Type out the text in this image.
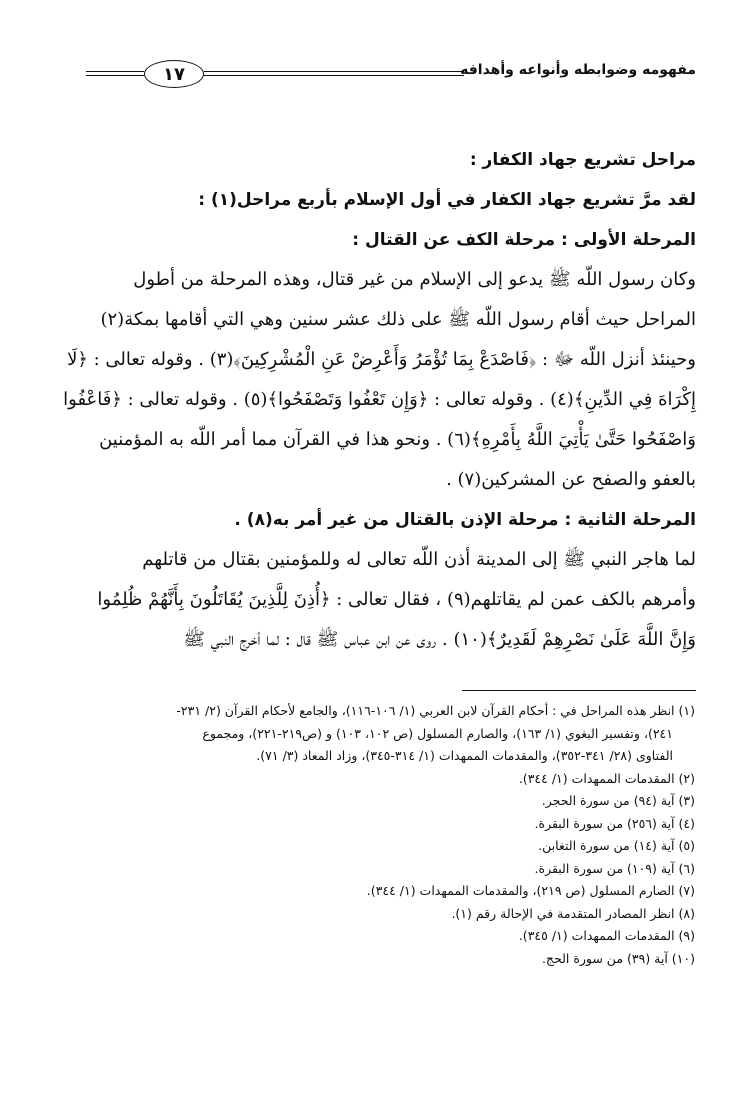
١٧	مفهومه وضوابطه وأنواعه وأهدافه
مراحل تشريع جهاد الكفار :
لقد مرَّ تشريع جهاد الكفار في أول الإسلام بأربع مراحل(١) :
المرحلة الأولى : مرحلة الكف عن القتال :
وكان رسول اللّه ﷺ يدعو إلى الإسلام من غير قتال، وهذه المرحلة من أطول
المراحل حيث أقام رسول اللّه ﷺ على ذلك عشر سنين وهي التي أقامها بمكة(٢)
وحينئذ أنزل اللّه ﷻ : ﴿فَاصْدَعْ بِمَا تُؤْمَرُ وَأَعْرِضْ عَنِ الْمُشْرِكِينَ﴾(٣) . وقوله تعالى : ﴿لَا
إِكْرَاهَ فِي الدِّينِ﴾(٤) . وقوله تعالى : ﴿وَإِن تَعْفُوا وَتَصْفَحُوا﴾(٥) . وقوله تعالى : ﴿فَاعْفُوا
وَاصْفَحُوا حَتَّىٰ يَأْتِيَ اللَّهُ بِأَمْرِهِ﴾(٦) . ونحو هذا في القرآن مما أمر اللّه به المؤمنين
بالعفو والصفح عن المشركين(٧) .
المرحلة الثانية : مرحلة الإذن بالقتال من غير أمر به(٨) .
لما هاجر النبي ﷺ إلى المدينة أذن اللّه تعالى له وللمؤمنين بقتال من قاتلهم
وأمرهم بالكف عمن لم يقاتلهم(٩) ، فقال تعالى : ﴿أُذِنَ لِلَّذِينَ يُقَاتَلُونَ بِأَنَّهُمْ ظُلِمُوا
وَإِنَّ اللَّهَ عَلَىٰ نَصْرِهِمْ لَقَدِيرٌ﴾(١٠) . روى عن ابن عباس ﷺ قال : لما أخرج النبي ﷺ
(١) انظر هذه المراحل في : أحكام القرآن لابن العربي (١/ ١٠٦-١١٦)، والجامع لأحكام القرآن (٢/ ٢٣١-
٢٤١)، وتفسير البغوي (١/ ١٦٣)، والصارم المسلول (ص ١٠٢، ١٠٣) و (ص٢١٩-٢٢١)، ومجموع
الفتاوى (٢٨/ ٣٤١-٣٥٢)، والمقدمات الممهدات (١/ ٣١٤-٣٤٥)، وزاد المعاد (٣/ ٧١).
(٢) المقدمات الممهدات (١/ ٣٤٤).
(٣) آية (٩٤) من سورة الحجر.
(٤) آية (٢٥٦) من سورة البقرة.
(٥) آية (١٤) من سورة التغابن.
(٦) آية (١٠٩) من سورة البقرة.
(٧) الصارم المسلول (ص ٢١٩)، والمقدمات الممهدات (١/ ٣٤٤).
(٨) انظر المصادر المتقدمة في الإحالة رقم (١).
(٩) المقدمات الممهدات (١/ ٣٤٥).
(١٠) آية (٣٩) من سورة الحج.
